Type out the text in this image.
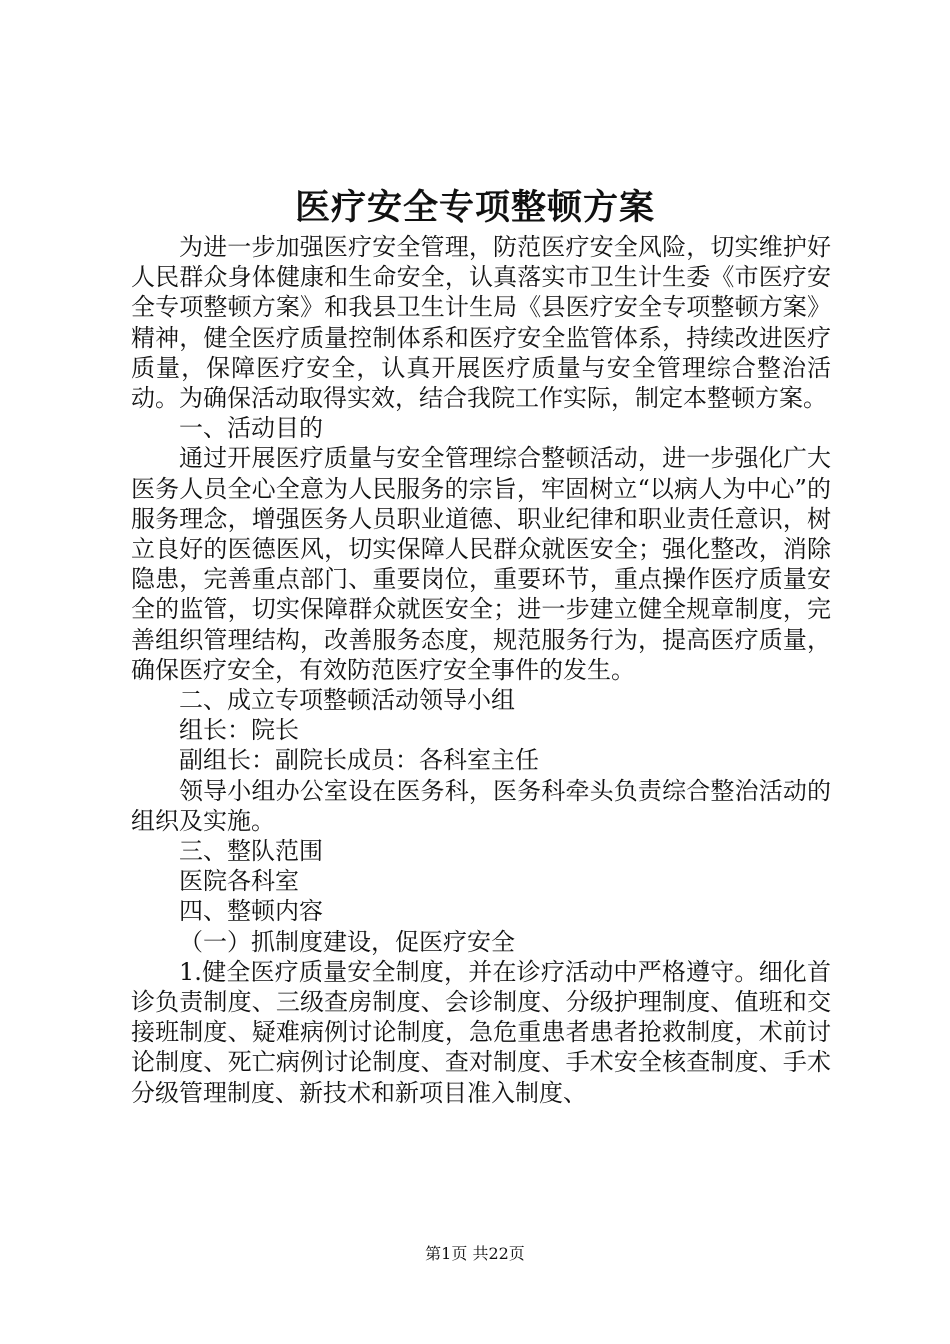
医疗安全专项整顿方案

为进一步加强医疗安全管理，防范医疗安全风险，切实维护好人民群众身体健康和生命安全，认真落实市卫生计生委《市医疗安全专项整顿方案》和我县卫生计生局《县医疗安全专项整顿方案》精神，健全医疗质量控制体系和医疗安全监管体系，持续改进医疗质量，保障医疗安全，认真开展医疗质量与安全管理综合整治活动。为确保活动取得实效，结合我院工作实际，制定本整顿方案。

一、活动目的

通过开展医疗质量与安全管理综合整顿活动，进一步强化广大医务人员全心全意为人民服务的宗旨，牢固树立“以病人为中心”的服务理念，增强医务人员职业道德、职业纪律和职业责任意识，树立良好的医德医风，切实保障人民群众就医安全；强化整改，消除隐患，完善重点部门、重要岗位，重要环节，重点操作医疗质量安全的监管，切实保障群众就医安全；进一步建立健全规章制度，完善组织管理结构，改善服务态度，规范服务行为，提高医疗质量，确保医疗安全，有效防范医疗安全事件的发生。

二、成立专项整顿活动领导小组

组长：院长

副组长：副院长成员：各科室主任

领导小组办公室设在医务科，医务科牵头负责综合整治活动的组织及实施。

三、整队范围

医院各科室

四、整顿内容

（一）抓制度建设，促医疗安全

1.健全医疗质量安全制度，并在诊疗活动中严格遵守。细化首诊负责制度、三级查房制度、会诊制度、分级护理制度、值班和交接班制度、疑难病例讨论制度，急危重患者患者抢救制度，术前讨论制度、死亡病例讨论制度、查对制度、手术安全核查制度、手术分级管理制度、新技术和新项目准入制度、

第1页 共22页
